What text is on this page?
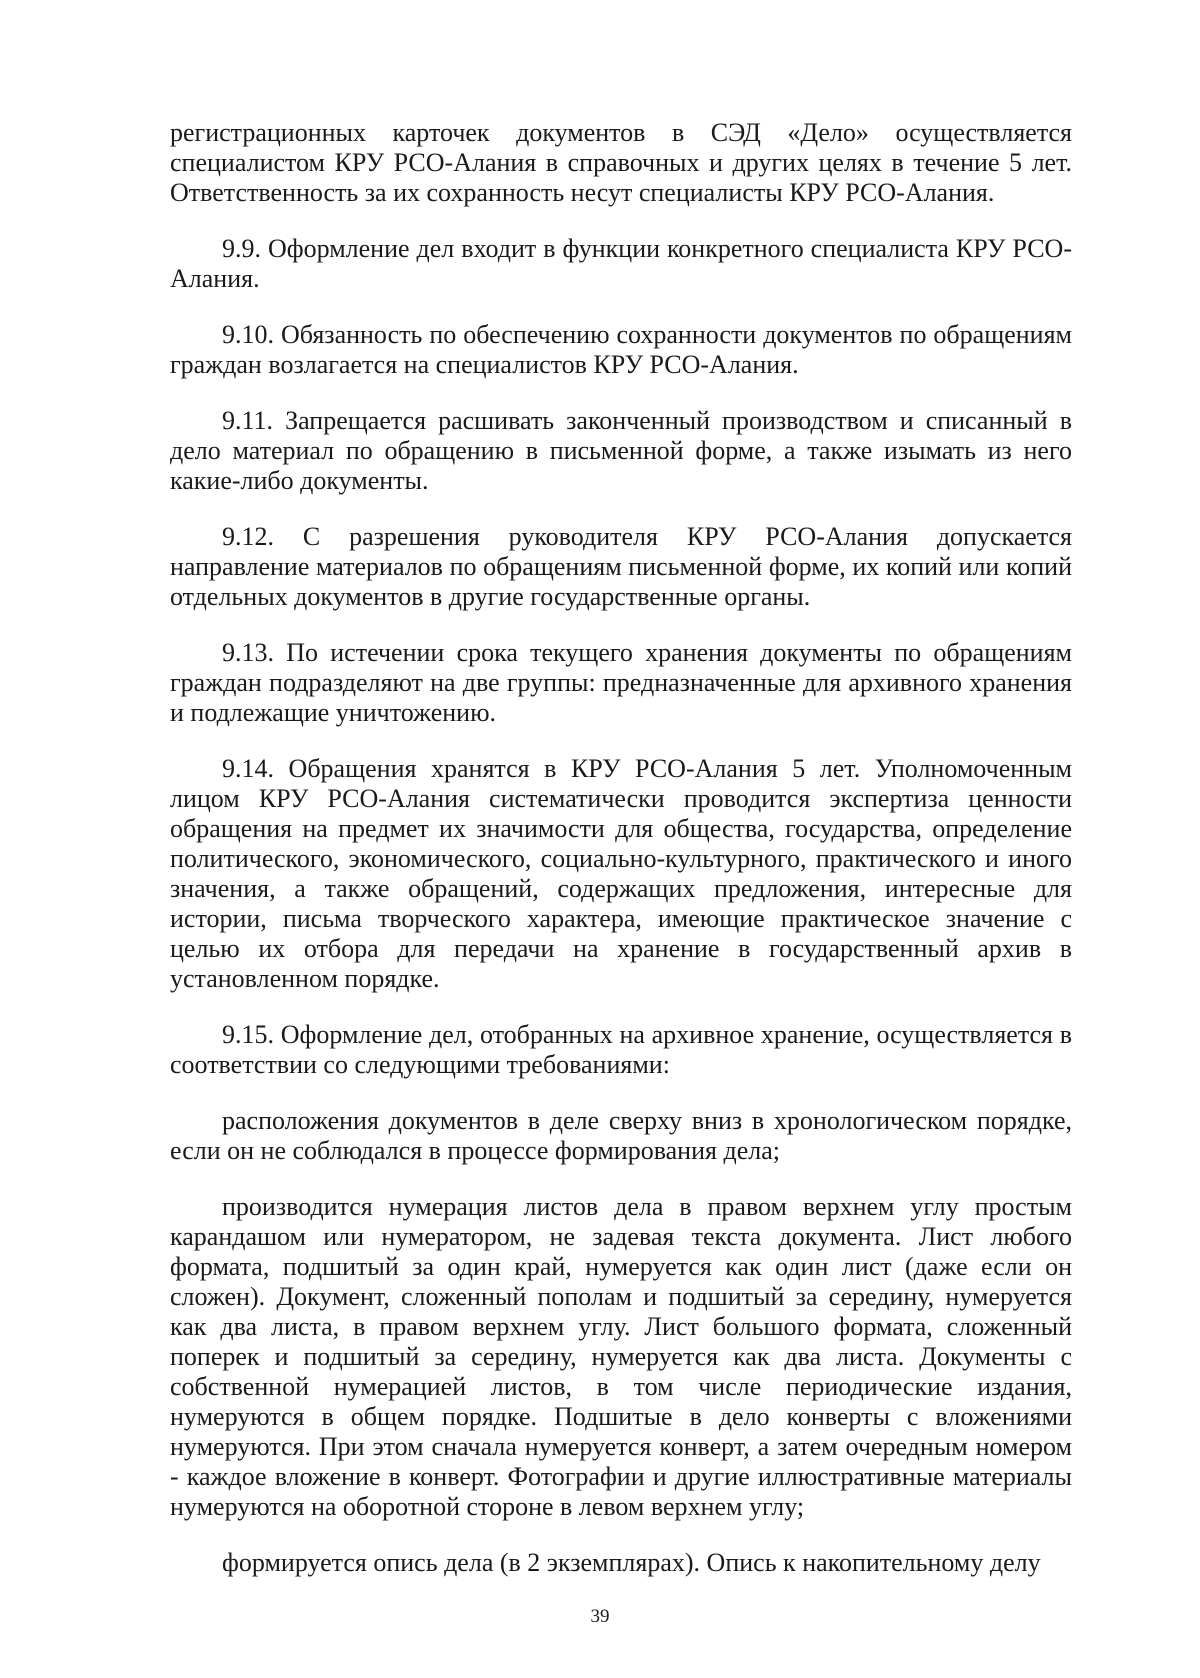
регистрационных карточек документов в СЭД «Дело» осуществляется специалистом КРУ РСО-Алания в справочных и других целях в течение 5 лет. Ответственность за их сохранность несут специалисты КРУ РСО-Алания.

9.9. Оформление дел входит в функции конкретного специалиста КРУ РСО-Алания.

9.10. Обязанность по обеспечению сохранности документов по обращениям граждан возлагается на специалистов КРУ РСО-Алания.

9.11. Запрещается расшивать законченный производством и списанный в дело материал по обращению в письменной форме, а также изымать из него какие-либо документы.

9.12. С разрешения руководителя КРУ РСО-Алания допускается направление материалов по обращениям письменной форме, их копий или копий отдельных документов в другие государственные органы.

9.13. По истечении срока текущего хранения документы по обращениям граждан подразделяют на две группы: предназначенные для архивного хранения и подлежащие уничтожению.

9.14. Обращения хранятся в КРУ РСО-Алания 5 лет. Уполномоченным лицом КРУ РСО-Алания систематически проводится экспертиза ценности обращения на предмет их значимости для общества, государства, определение политического, экономического, социально-культурного, практического и иного значения, а также обращений, содержащих предложения, интересные для истории, письма творческого характера, имеющие практическое значение с целью их отбора для передачи на хранение в государственный архив в установленном порядке.

9.15. Оформление дел, отобранных на архивное хранение, осуществляется в соответствии со следующими требованиями:

расположения документов в деле сверху вниз в хронологическом порядке, если он не соблюдался в процессе формирования дела;

производится нумерация листов дела в правом верхнем углу простым карандашом или нумератором, не задевая текста документа. Лист любого формата, подшитый за один край, нумеруется как один лист (даже если он сложен). Документ, сложенный пополам и подшитый за середину, нумеруется как два листа, в правом верхнем углу. Лист большого формата, сложенный поперек и подшитый за середину, нумеруется как два листа. Документы с собственной нумерацией листов, в том числе периодические издания, нумеруются в общем порядке. Подшитые в дело конверты с вложениями нумеруются. При этом сначала нумеруется конверт, а затем очередным номером - каждое вложение в конверт. Фотографии и другие иллюстративные материалы нумеруются на оборотной стороне в левом верхнем углу;

формируется опись дела (в 2 экземплярах). Опись к накопительному делу

39
